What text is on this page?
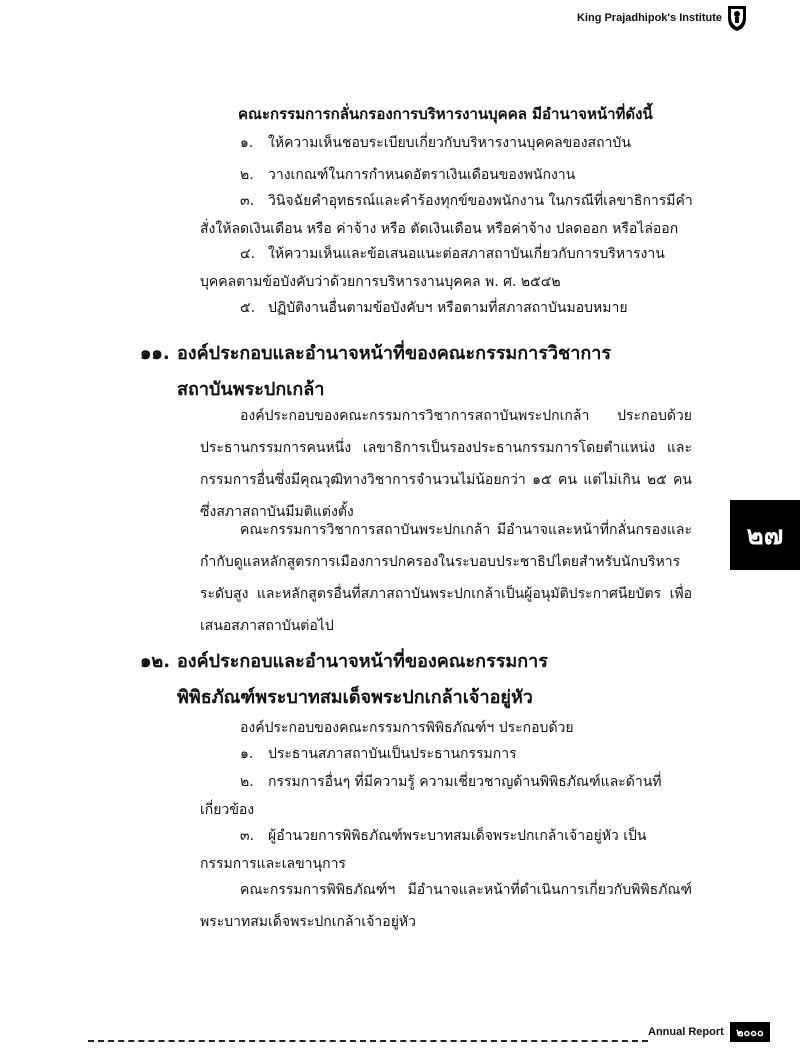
King Prajadhipok's Institute
คณะกรรมการกลั่นกรองการบริหารงานบุคคล มีอำนาจหน้าที่ดังนี้
๑. ให้ความเห็นชอบระเบียบเกี่ยวกับบริหารงานบุคคลของสถาบัน
๒. วางเกณฑ์ในการกำหนดอัตราเงินเดือนของพนักงาน
๓. วินิจฉัยคำอุทธรณ์และคำร้องทุกข์ของพนักงาน ในกรณีที่เลขาธิการมีคำ
สั่งให้ลดเงินเดือน หรือ ค่าจ้าง หรือ ตัดเงินเดือน หรือค่าจ้าง ปลดออก หรือไล่ออก
๔. ให้ความเห็นและข้อเสนอแนะต่อสภาสถาบันเกี่ยวกับการบริหารงาน
บุคคลตามข้อบังคับว่าด้วยการบริหารงานบุคคล พ. ศ. ๒๕๔๒
๕. ปฏิบัติงานอื่นตามข้อบังคับฯ หรือตามที่สภาสถาบันมอบหมาย
๑๑. องค์ประกอบและอำนาจหน้าที่ของคณะกรรมการวิชาการ
สถาบันพระปกเกล้า
องค์ประกอบของคณะกรรมการวิชาการสถาบันพระปกเกล้า ประกอบด้วย ประธานกรรมการคนหนึ่ง เลขาธิการเป็นรองประธานกรรมการโดยตำแหน่ง และ กรรมการอื่นซึ่งมีคุณวุฒิทางวิชาการจำนวนไม่น้อยกว่า ๑๕ คน แต่ไม่เกิน ๒๕ คน ซึ่งสภาสถาบันมีมติแต่งตั้ง
คณะกรรมการวิชาการสถาบันพระปกเกล้า มีอำนาจและหน้าที่กลั่นกรองและ กำกับดูแลหลักสูตรการเมืองการปกครองในระบอบประชาธิปไตยสำหรับนักบริหาร ระดับสูง และหลักสูตรอื่นที่สภาสถาบันพระปกเกล้าเป็นผู้อนุมัติประกาศนียบัตร เพื่อเสนอสภาสถาบันต่อไป
๑๒. องค์ประกอบและอำนาจหน้าที่ของคณะกรรมการ
พิพิธภัณฑ์พระบาทสมเด็จพระปกเกล้าเจ้าอยู่หัว
องค์ประกอบของคณะกรรมการพิพิธภัณฑ์ฯ ประกอบด้วย
๑. ประธานสภาสถาบันเป็นประธานกรรมการ
๒. กรรมการอื่นๆ ที่มีความรู้ ความเชี่ยวชาญด้านพิพิธภัณฑ์และด้านที่
เกี่ยวข้อง
๓. ผู้อำนวยการพิพิธภัณฑ์พระบาทสมเด็จพระปกเกล้าเจ้าอยู่หัว เป็น
กรรมการและเลขานุการ
คณะกรรมการพิพิธภัณฑ์ฯ มีอำนาจและหน้าที่ดำเนินการเกี่ยวกับพิพิธภัณฑ์ พระบาทสมเด็จพระปกเกล้าเจ้าอยู่หัว
๒๗
Annual Report	๒๐๐๐
